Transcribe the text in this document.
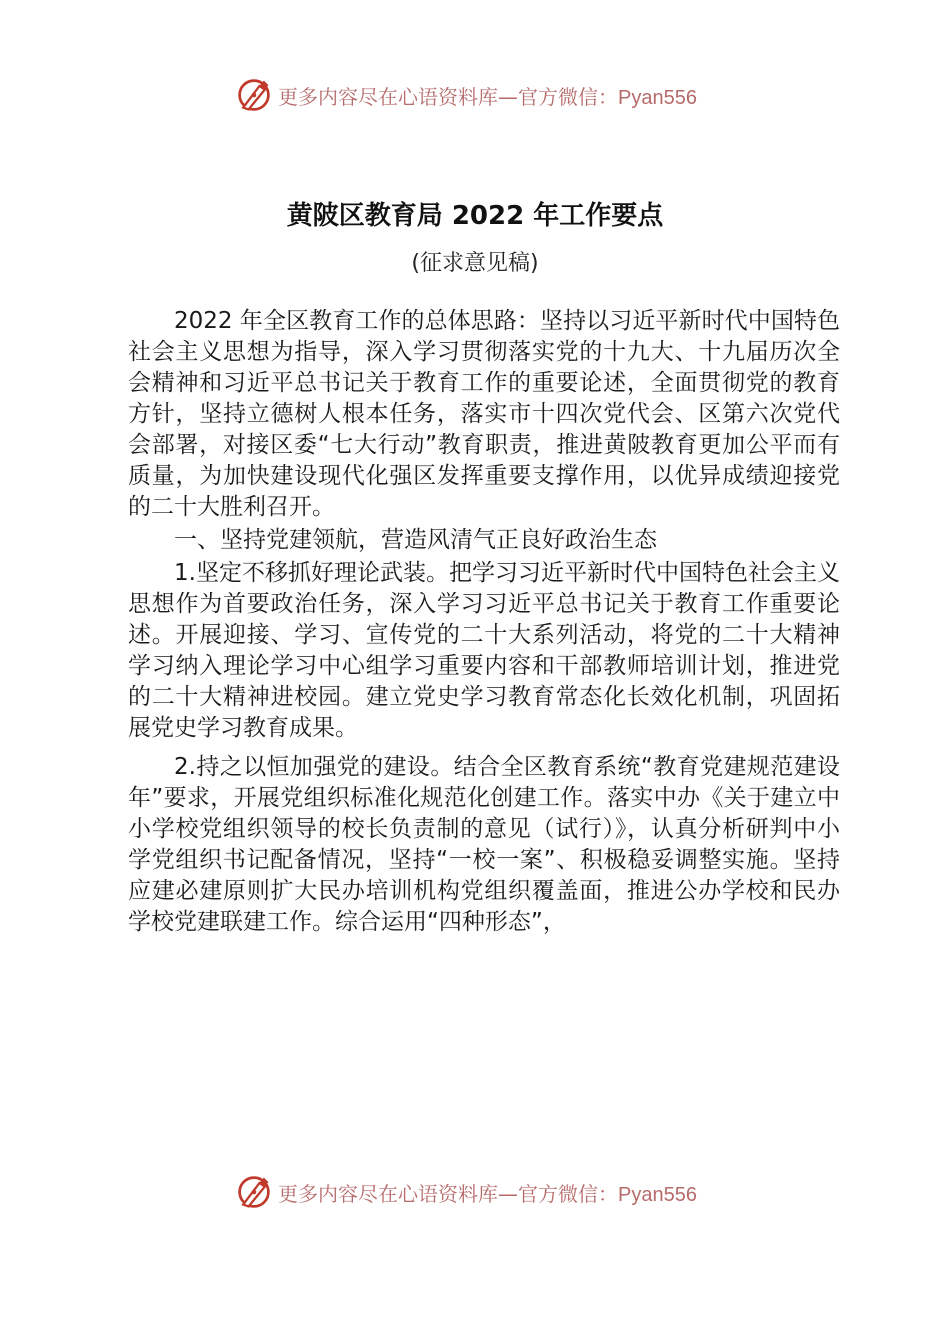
更多内容尽在心语资料库—官方微信：Pyan556
黄陂区教育局 2022 年工作要点
(征求意见稿)

2022 年全区教育工作的总体思路：坚持以习近平新时代中国特色社会主义思想为指导，深入学习贯彻落实党的十九大、十九届历次全会精神和习近平总书记关于教育工作的重要论述，全面贯彻党的教育方针，坚持立德树人根本任务，落实市十四次党代会、区第六次党代会部署，对接区委“七大行动”教育职责，推进黄陂教育更加公平而有质量，为加快建设现代化强区发挥重要支撑作用，以优异成绩迎接党的二十大胜利召开。

一、坚持党建领航，营造风清气正良好政治生态

1.坚定不移抓好理论武装。把学习习近平新时代中国特色社会主义思想作为首要政治任务，深入学习习近平总书记关于教育工作重要论述。开展迎接、学习、宣传党的二十大系列活动，将党的二十大精神学习纳入理论学习中心组学习重要内容和干部教师培训计划，推进党的二十大精神进校园。建立党史学习教育常态化长效化机制，巩固拓展党史学习教育成果。

2.持之以恒加强党的建设。结合全区教育系统“教育党建规范建设年”要求，开展党组织标准化规范化创建工作。落实中办《关于建立中小学校党组织领导的校长负责制的意见（试行）》，认真分析研判中小学党组织书记配备情况，坚持“一校一案”、积极稳妥调整实施。坚持应建必建原则扩大民办培训机构党组织覆盖面，推进公办学校和民办学校党建联建工作。综合运用“四种形态”，

更多内容尽在心语资料库—官方微信：Pyan556
